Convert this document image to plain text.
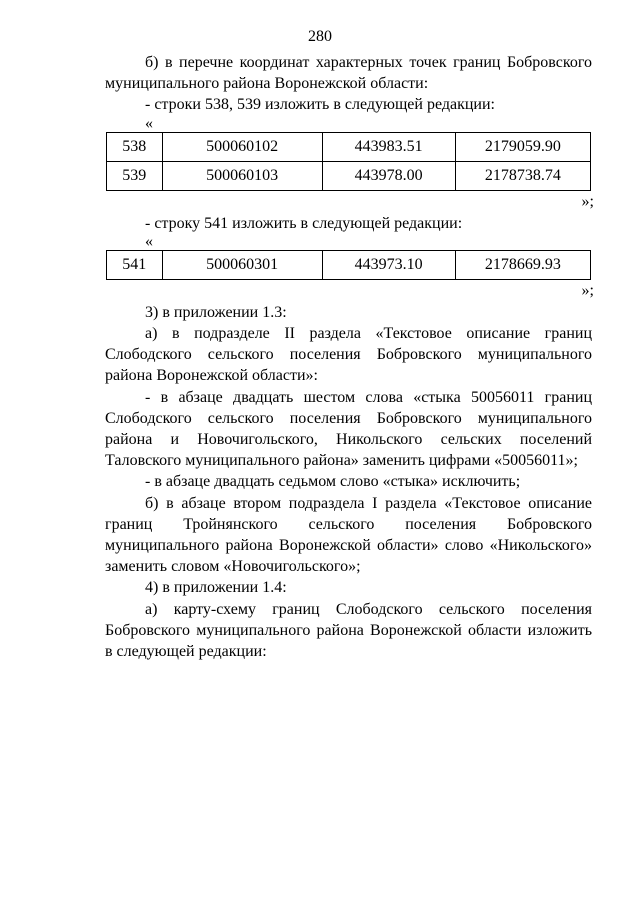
280

б) в перечне координат характерных точек границ Бобровского муниципального района Воронежской области:

- строки 538, 539 изложить в следующей редакции:

«
538	500060102	443983.51	2179059.90
539	500060103	443978.00	2178738.74
»;

- строку 541 изложить в следующей редакции:

«
541	500060301	443973.10	2178669.93
»;

3) в приложении 1.3:

а) в подразделе II раздела «Текстовое описание границ Слободского сельского поселения Бобровского муниципального района Воронежской области»:

- в абзаце двадцать шестом слова «стыка 50056011 границ Слободского сельского поселения Бобровского муниципального района и Новочигольского, Никольского сельских поселений Таловского муниципального района» заменить цифрами «50056011»;

- в абзаце двадцать седьмом слово «стыка» исключить;

б) в абзаце втором подраздела I раздела «Текстовое описание границ Тройнянского сельского поселения Бобровского муниципального района Воронежской области» слово «Никольского» заменить словом «Новочигольского»;

4) в приложении 1.4:

а) карту-схему границ Слободского сельского поселения Бобровского муниципального района Воронежской области изложить в следующей редакции:
